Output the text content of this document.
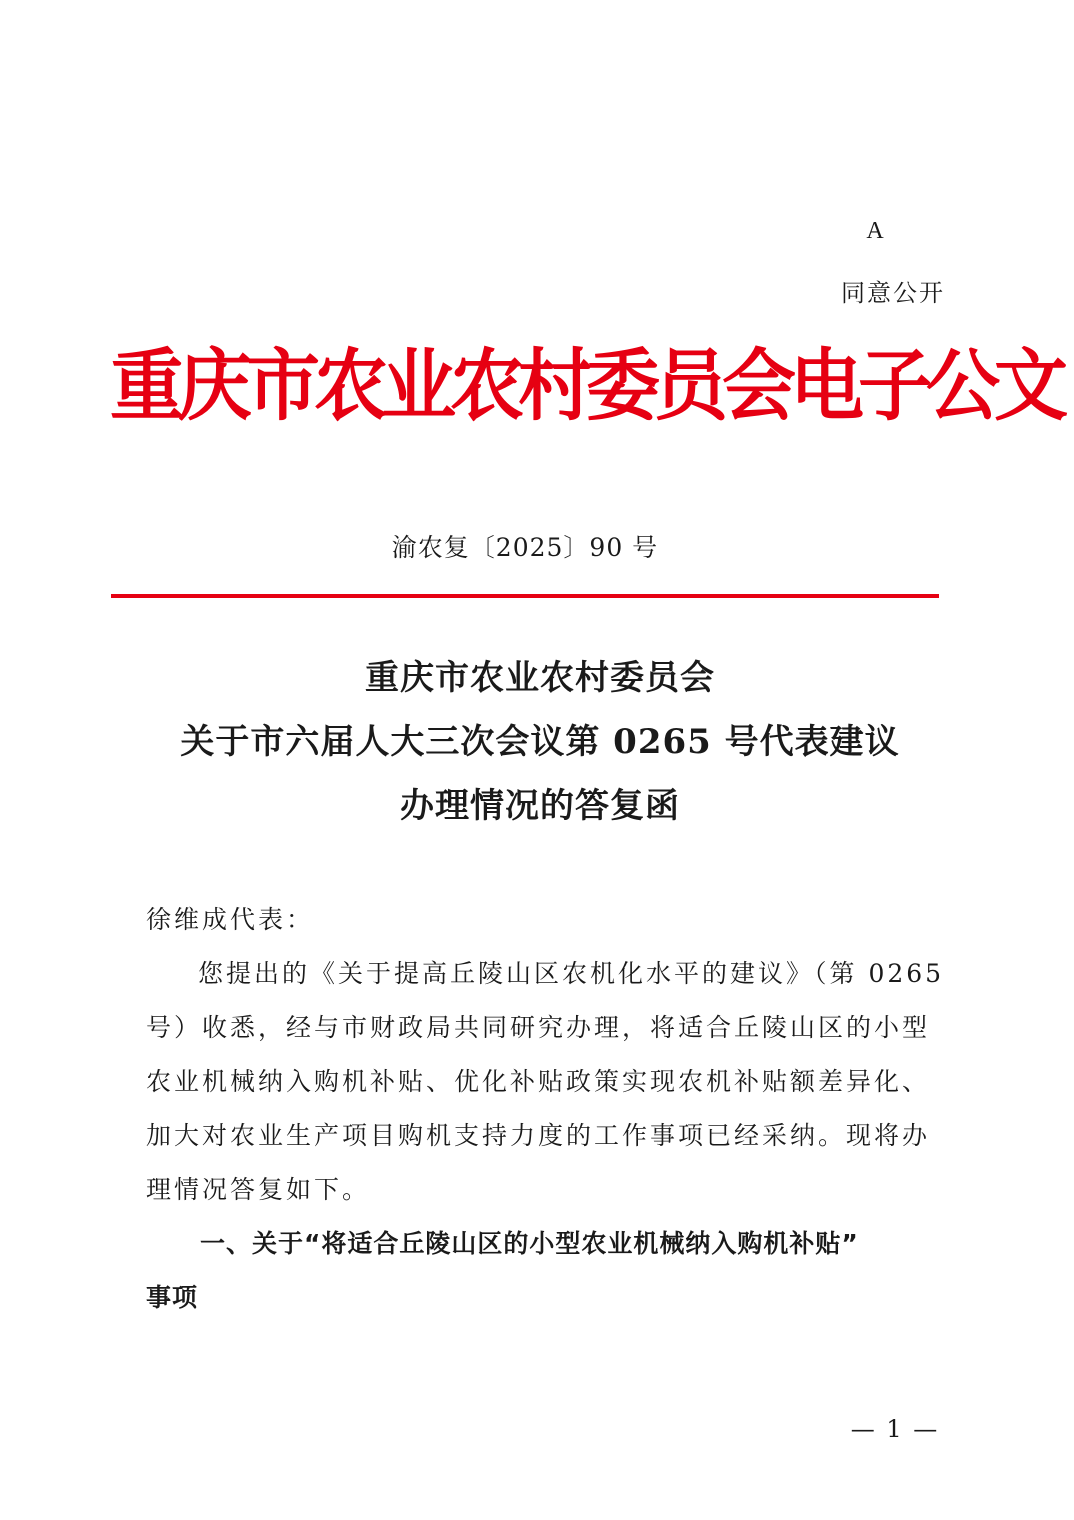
A
同意公开
重庆市农业农村委员会电子公文
渝农复〔2025〕90 号
重庆市农业农村委员会
关于市六届人大三次会议第 0265 号代表建议
办理情况的答复函
徐维成代表：
您提出的《关于提高丘陵山区农机化水平的建议》（第 0265
号）收悉，经与市财政局共同研究办理，将适合丘陵山区的小型
农业机械纳入购机补贴、优化补贴政策实现农机补贴额差异化、
加大对农业生产项目购机支持力度的工作事项已经采纳。现将办
理情况答复如下。
一、关于“将适合丘陵山区的小型农业机械纳入购机补贴”
事项
— 1 —
